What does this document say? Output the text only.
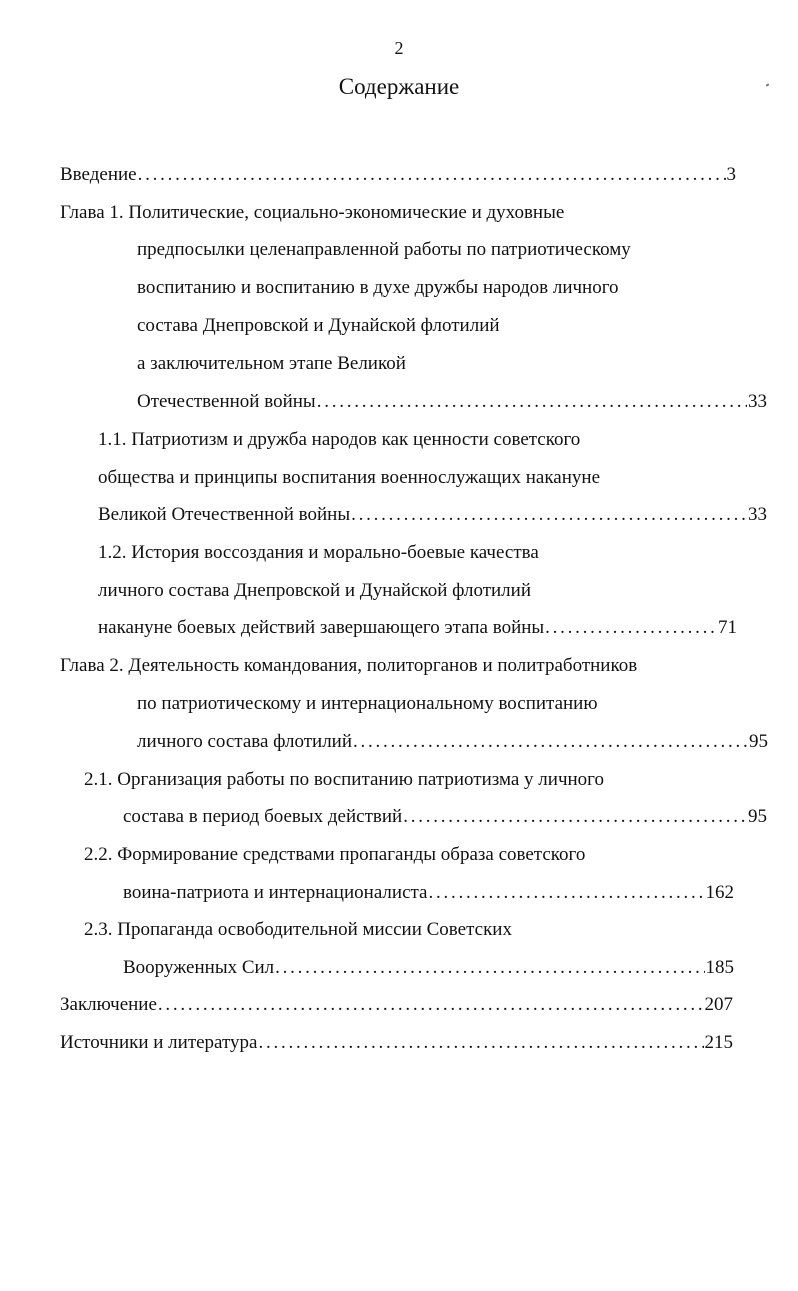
2
Содержание
Введение . . .	3
Глава 1. Политические, социально-экономические и духовные
предпосылки целенаправленной работы по патриотическому
воспитанию и воспитанию в духе дружбы народов личного
состава Днепровской и Дунайской флотилий
а заключительном этапе Великой
Отечественной войны . . .	33
1.1. Патриотизм и дружба народов как ценности советского
общества и принципы воспитания военнослужащих накануне
Великой Отечественной войны . . .	33
1.2. История воссоздания и морально-боевые качества
личного состава Днепровской и Дунайской флотилий
накануне боевых действий завершающего этапа войны . . .	71
Глава 2. Деятельность командования, политорганов и политработников
по патриотическому и интернациональному воспитанию
личного состава флотилий . . .	95
2.1. Организация работы по воспитанию патриотизма у личного
состава в период боевых действий . . .	95
2.2. Формирование средствами пропаганды образа советского
воина-патриота и интернационалиста . . .	162
2.3. Пропаганда освободительной миссии Советских
Вооруженных Сил . . .	185
Заключение . . .	207
Источники и литература . . .	215
